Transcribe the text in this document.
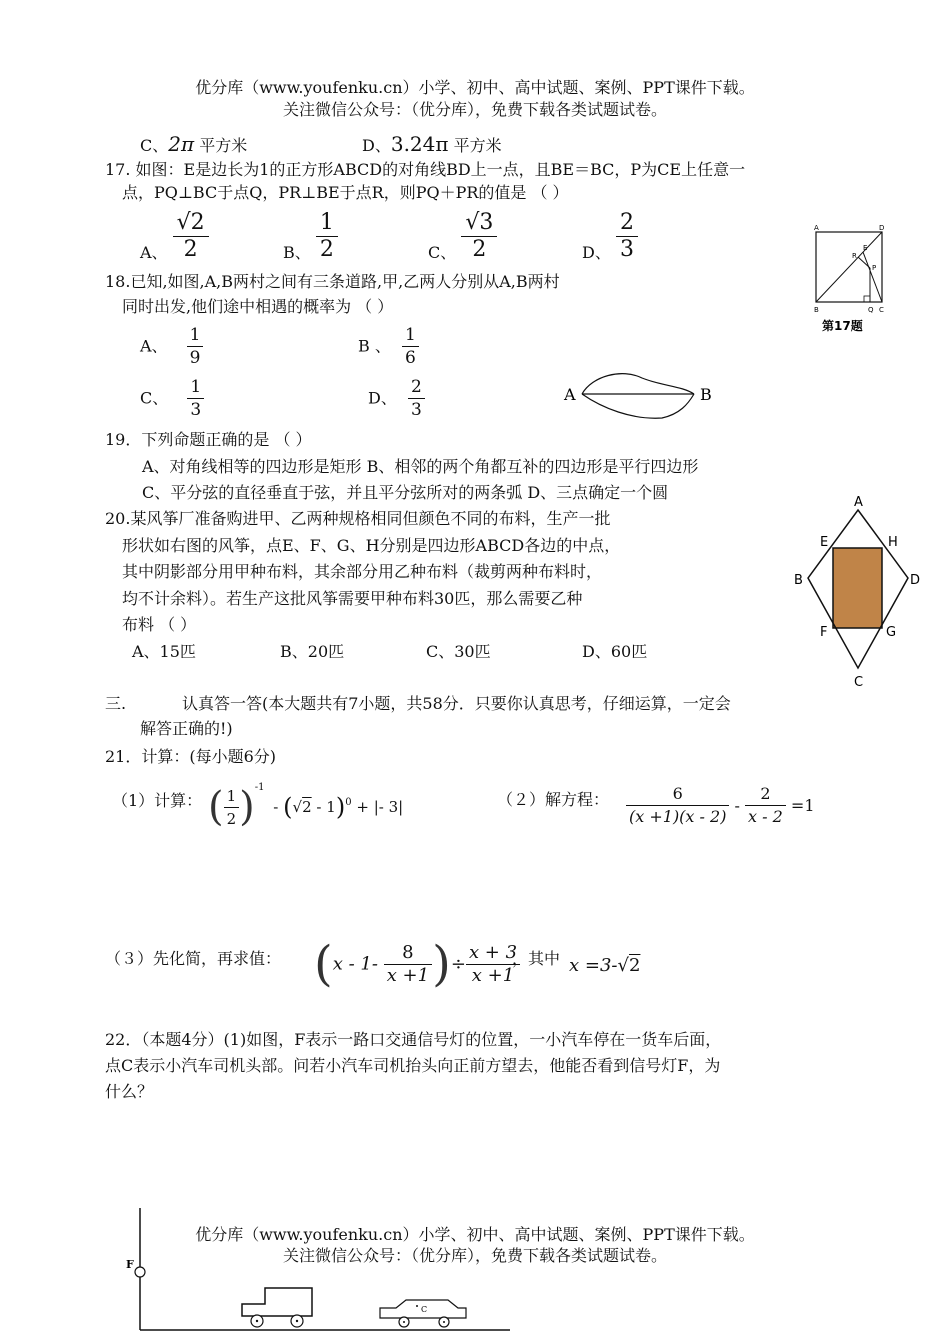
优分库（www.youfenku.cn）小学、初中、高中试题、案例、PPT课件下载。
关注微信公众号：（优分库），免费下载各类试题试卷。
C、2π 平方米	D、3.24π 平方米
17. 如图：E是边长为1的正方形ABCD的对角线BD上一点，且BE＝BC，P为CE上任意一
点，PQ⊥BC于点Q，PR⊥BE于点R，则PQ＋PR的值是 （ ）
A、 $\frac{√2}{2}$	B、 $\frac{1}{2}$	C、 $\frac{√3}{2}$	D、 $\frac{2}{3}$	A	D
E
R
P
B	Q C
第17题
18.已知,如图,A,B两村之间有三条道路,甲,乙两人分别从A,B两村
同时出发,他们途中相遇的概率为 （ ）
A、 $\frac{1}{9}$	B 、 $\frac{1}{6}$
C、 $\frac{1}{3}$	D、 $\frac{2}{3}$	A	B
19．下列命题正确的是 （ ）
A、对角线相等的四边形是矩形 B、相邻的两个角都互补的四边形是平行四边形
C、平分弦的直径垂直于弦，并且平分弦所对的两条弧 D、三点确定一个圆
20.某风筝厂准备购进甲、乙两种规格相同但颜色不同的布料，生产一批
形状如右图的风筝，点E、F、G、H分别是四边形ABCD各边的中点，
其中阴影部分用甲种布料，其余部分用乙种布料（裁剪两种布料时，
均不计余料）。若生产这批风筝需要甲种布料30匹，那么需要乙种
布料 （ ）
A、15匹	B、20匹	C、30匹	D、60匹
A
B
C
D
E
F	G
H
三.	认真答一答(本大题共有7小题，共58分．只要你认真思考，仔细运算，一定会
解答正确的!)
21．计算：(每小题6分)
（1）计算： ( $\frac{1}{2} )^{-1} - (√2 - 1)^0$ + |- 3|	（２）解方程： $\frac{6}{(x +1)(x - 2)} - \frac{2}{x - 2} =1$
（３）先化简，再求值： ($x - 1- \frac{8}{x +1}$ )÷ $\frac{x + 3}{x +1}$
，其中 x =3-√2
22．（本题4分）(1)如图，F表示一路口交通信号灯的位置，一小汽车停在一货车后面，
点C表示小汽车司机头部。问若小汽车司机抬头向正前方望去，他能否看到信号灯F，为
什么？
F
C
优分库（www.youfenku.cn）小学、初中、高中试题、案例、PPT课件下载。
关注微信公众号：（优分库），免费下载各类试题试卷。
